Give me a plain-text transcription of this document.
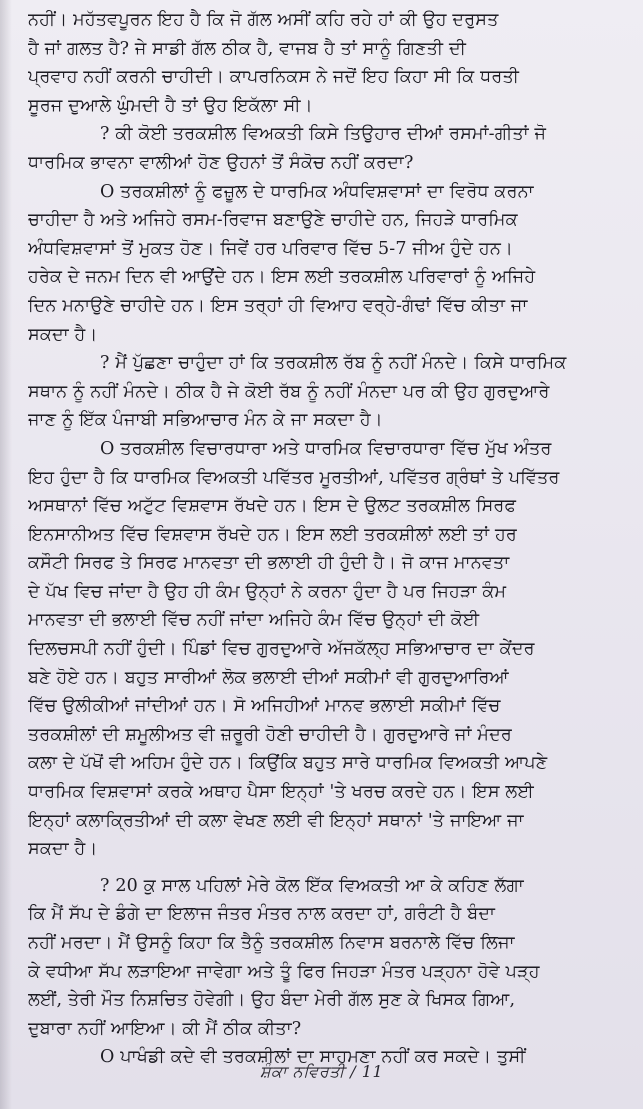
ਨਹੀਂ। ਮਹੱਤਵਪੂਰਨ ਇਹ ਹੈ ਕਿ ਜੋ ਗੱਲ ਅਸੀਂ ਕਹਿ ਰਹੇ ਹਾਂ ਕੀ ਉਹ ਦਰੁਸਤ
ਹੈ ਜਾਂ ਗਲਤ ਹੈ? ਜੇ ਸਾਡੀ ਗੱਲ ਠੀਕ ਹੈ, ਵਾਜਬ ਹੈ ਤਾਂ ਸਾਨੂੰ ਗਿਣਤੀ ਦੀ
ਪ੍ਰਵਾਹ ਨਹੀਂ ਕਰਨੀ ਚਾਹੀਦੀ। ਕਾਪਰਨਿਕਸ ਨੇ ਜਦੋਂ ਇਹ ਕਿਹਾ ਸੀ ਕਿ ਧਰਤੀ
ਸੂਰਜ ਦੁਆਲੇ ਘੁੰਮਦੀ ਹੈ ਤਾਂ ਉਹ ਇਕੱਲਾ ਸੀ।
? ਕੀ ਕੋਈ ਤਰਕਸ਼ੀਲ ਵਿਅਕਤੀ ਕਿਸੇ ਤਿਉਹਾਰ ਦੀਆਂ ਰਸਮਾਂ-ਗੀਤਾਂ ਜੋ
ਧਾਰਮਿਕ ਭਾਵਨਾ ਵਾਲੀਆਂ ਹੋਣ ਉਹਨਾਂ ਤੋਂ ਸੰਕੋਚ ਨਹੀਂ ਕਰਦਾ?
O ਤਰਕਸ਼ੀਲਾਂ ਨੂੰ ਫਜ਼ੂਲ ਦੇ ਧਾਰਮਿਕ ਅੰਧਵਿਸ਼ਵਾਸਾਂ ਦਾ ਵਿਰੋਧ ਕਰਨਾ
ਚਾਹੀਦਾ ਹੈ ਅਤੇ ਅਜਿਹੇ ਰਸਮ-ਰਿਵਾਜ ਬਣਾਉਣੇ ਚਾਹੀਦੇ ਹਨ, ਜਿਹੜੇ ਧਾਰਮਿਕ
ਅੰਧਵਿਸ਼ਵਾਸਾਂ ਤੋਂ ਮੁਕਤ ਹੋਣ। ਜਿਵੇਂ ਹਰ ਪਰਿਵਾਰ ਵਿੱਚ 5-7 ਜੀਅ ਹੁੰਦੇ ਹਨ।
ਹਰੇਕ ਦੇ ਜਨਮ ਦਿਨ ਵੀ ਆਉਂਦੇ ਹਨ। ਇਸ ਲਈ ਤਰਕਸ਼ੀਲ ਪਰਿਵਾਰਾਂ ਨੂੰ ਅਜਿਹੇ
ਦਿਨ ਮਨਾਉਣੇ ਚਾਹੀਦੇ ਹਨ। ਇਸ ਤਰ੍ਹਾਂ ਹੀ ਵਿਆਹ ਵਰ੍ਹੇ-ਗੰਢਾਂ ਵਿੱਚ ਕੀਤਾ ਜਾ
ਸਕਦਾ ਹੈ।
? ਮੈਂ ਪੁੱਛਣਾ ਚਾਹੁੰਦਾ ਹਾਂ ਕਿ ਤਰਕਸ਼ੀਲ ਰੱਬ ਨੂੰ ਨਹੀਂ ਮੰਨਦੇ। ਕਿਸੇ ਧਾਰਮਿਕ
ਸਥਾਨ ਨੂੰ ਨਹੀਂ ਮੰਨਦੇ। ਠੀਕ ਹੈ ਜੇ ਕੋਈ ਰੱਬ ਨੂੰ ਨਹੀਂ ਮੰਨਦਾ ਪਰ ਕੀ ਉਹ ਗੁਰਦੁਆਰੇ
ਜਾਣ ਨੂੰ ਇੱਕ ਪੰਜਾਬੀ ਸਭਿਆਚਾਰ ਮੰਨ ਕੇ ਜਾ ਸਕਦਾ ਹੈ।
O ਤਰਕਸ਼ੀਲ ਵਿਚਾਰਧਾਰਾ ਅਤੇ ਧਾਰਮਿਕ ਵਿਚਾਰਧਾਰਾ ਵਿੱਚ ਮੁੱਖ ਅੰਤਰ
ਇਹ ਹੁੰਦਾ ਹੈ ਕਿ ਧਾਰਮਿਕ ਵਿਅਕਤੀ ਪਵਿੱਤਰ ਮੂਰਤੀਆਂ, ਪਵਿੱਤਰ ਗ੍ਰੰਥਾਂ ਤੇ ਪਵਿੱਤਰ
ਅਸਥਾਨਾਂ ਵਿੱਚ ਅਟੁੱਟ ਵਿਸ਼ਵਾਸ ਰੱਖਦੇ ਹਨ। ਇਸ ਦੇ ਉਲਟ ਤਰਕਸ਼ੀਲ ਸਿਰਫ
ਇਨਸਾਨੀਅਤ ਵਿੱਚ ਵਿਸ਼ਵਾਸ ਰੱਖਦੇ ਹਨ। ਇਸ ਲਈ ਤਰਕਸ਼ੀਲਾਂ ਲਈ ਤਾਂ ਹਰ
ਕਸੌਟੀ ਸਿਰਫ ਤੇ ਸਿਰਫ ਮਾਨਵਤਾ ਦੀ ਭਲਾਈ ਹੀ ਹੁੰਦੀ ਹੈ। ਜੋ ਕਾਜ ਮਾਨਵਤਾ
ਦੇ ਪੱਖ ਵਿਚ ਜਾਂਦਾ ਹੈ ਉਹ ਹੀ ਕੰਮ ਉਨ੍ਹਾਂ ਨੇ ਕਰਨਾ ਹੁੰਦਾ ਹੈ ਪਰ ਜਿਹੜਾ ਕੰਮ
ਮਾਨਵਤਾ ਦੀ ਭਲਾਈ ਵਿੱਚ ਨਹੀਂ ਜਾਂਦਾ ਅਜਿਹੇ ਕੰਮ ਵਿੱਚ ਉਨ੍ਹਾਂ ਦੀ ਕੋਈ
ਦਿਲਚਸਪੀ ਨਹੀਂ ਹੁੰਦੀ। ਪਿੰਡਾਂ ਵਿਚ ਗੁਰਦੁਆਰੇ ਅੱਜਕੱਲ੍ਹ ਸਭਿਆਚਾਰ ਦਾ ਕੇਂਦਰ
ਬਣੇ ਹੋਏ ਹਨ। ਬਹੁਤ ਸਾਰੀਆਂ ਲੋਕ ਭਲਾਈ ਦੀਆਂ ਸਕੀਮਾਂ ਵੀ ਗੁਰਦੁਆਰਿਆਂ
ਵਿੱਚ ਉਲੀਕੀਆਂ ਜਾਂਦੀਆਂ ਹਨ। ਸੋ ਅਜਿਹੀਆਂ ਮਾਨਵ ਭਲਾਈ ਸਕੀਮਾਂ ਵਿੱਚ
ਤਰਕਸ਼ੀਲਾਂ ਦੀ ਸ਼ਮੂਲੀਅਤ ਵੀ ਜ਼ਰੂਰੀ ਹੋਣੀ ਚਾਹੀਦੀ ਹੈ। ਗੁਰਦੁਆਰੇ ਜਾਂ ਮੰਦਰ
ਕਲਾ ਦੇ ਪੱਖੋਂ ਵੀ ਅਹਿਮ ਹੁੰਦੇ ਹਨ। ਕਿਉਂਕਿ ਬਹੁਤ ਸਾਰੇ ਧਾਰਮਿਕ ਵਿਅਕਤੀ ਆਪਣੇ
ਧਾਰਮਿਕ ਵਿਸ਼ਵਾਸਾਂ ਕਰਕੇ ਅਥਾਹ ਪੈਸਾ ਇਨ੍ਹਾਂ 'ਤੇ ਖਰਚ ਕਰਦੇ ਹਨ। ਇਸ ਲਈ
ਇਨ੍ਹਾਂ ਕਲਾਕ੍ਰਿਤੀਆਂ ਦੀ ਕਲਾ ਵੇਖਣ ਲਈ ਵੀ ਇਨ੍ਹਾਂ ਸਥਾਨਾਂ 'ਤੇ ਜਾਇਆ ਜਾ
ਸਕਦਾ ਹੈ।
? 20 ਕੁ ਸਾਲ ਪਹਿਲਾਂ ਮੇਰੇ ਕੋਲ ਇੱਕ ਵਿਅਕਤੀ ਆ ਕੇ ਕਹਿਣ ਲੱਗਾ
ਕਿ ਮੈਂ ਸੱਪ ਦੇ ਡੰਗੇ ਦਾ ਇਲਾਜ ਜੰਤਰ ਮੰਤਰ ਨਾਲ ਕਰਦਾ ਹਾਂ, ਗਰੰਟੀ ਹੈ ਬੰਦਾ
ਨਹੀਂ ਮਰਦਾ। ਮੈਂ ਉਸਨੂੰ ਕਿਹਾ ਕਿ ਤੈਨੂੰ ਤਰਕਸ਼ੀਲ ਨਿਵਾਸ ਬਰਨਾਲੇ ਵਿੱਚ ਲਿਜਾ
ਕੇ ਵਧੀਆ ਸੱਪ ਲੜਾਇਆ ਜਾਵੇਗਾ ਅਤੇ ਤੂੰ ਫਿਰ ਜਿਹੜਾ ਮੰਤਰ ਪੜ੍ਹਨਾ ਹੋਵੇ ਪੜ੍ਹ
ਲਈਂ, ਤੇਰੀ ਮੌਤ ਨਿਸ਼ਚਿਤ ਹੋਵੇਗੀ। ਉਹ ਬੰਦਾ ਮੇਰੀ ਗੱਲ ਸੁਣ ਕੇ ਖਿਸਕ ਗਿਆ,
ਦੁਬਾਰਾ ਨਹੀਂ ਆਇਆ। ਕੀ ਮੈਂ ਠੀਕ ਕੀਤਾ?
O ਪਾਖੰਡੀ ਕਦੇ ਵੀ ਤਰਕਸ਼ੀਲਾਂ ਦਾ ਸਾਹਮਣਾ ਨਹੀਂ ਕਰ ਸਕਦੇ। ਤੁਸੀਂ
ਸ਼ੰਕਾ ਨਵਿਰਤੀ / 11
